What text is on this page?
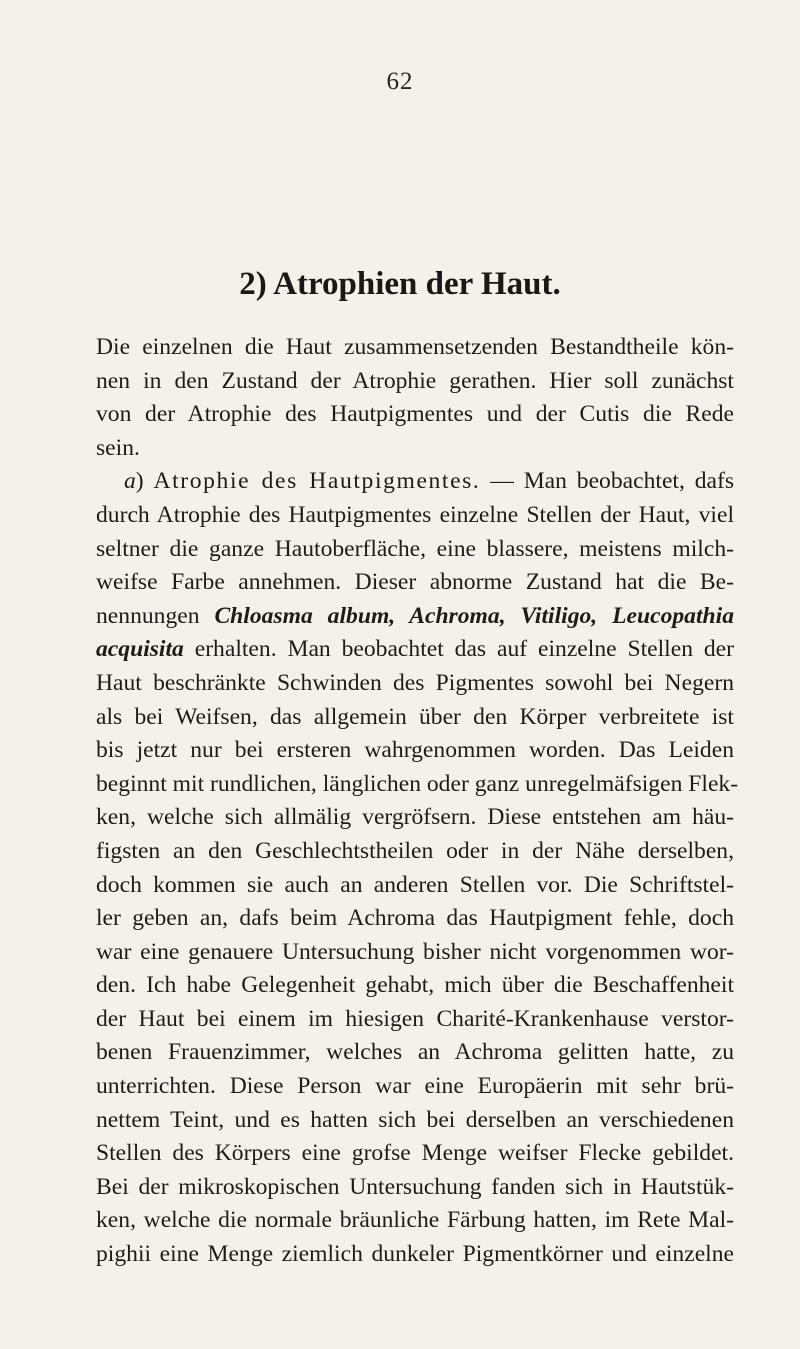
62
2) Atrophien der Haut.
Die einzelnen die Haut zusammensetzenden Bestandtheile kön-
nen in den Zustand der Atrophie gerathen. Hier soll zunächst
von der Atrophie des Hautpigmentes und der Cutis die Rede
sein.
a) Atrophie des Hautpigmentes. — Man beobachtet, dafs
durch Atrophie des Hautpigmentes einzelne Stellen der Haut, viel
seltner die ganze Hautoberfläche, eine blassere, meistens milch-
weifse Farbe annehmen. Dieser abnorme Zustand hat die Be-
nennungen Chloasma album, Achroma, Vitiligo, Leucopathia
acquisita erhalten. Man beobachtet das auf einzelne Stellen der
Haut beschränkte Schwinden des Pigmentes sowohl bei Negern
als bei Weifsen, das allgemein über den Körper verbreitete ist
bis jetzt nur bei ersteren wahrgenommen worden. Das Leiden
beginnt mit rundlichen, länglichen oder ganz unregelmäfsigen Flek-
ken, welche sich allmälig vergröfsern. Diese entstehen am häu-
figsten an den Geschlechtstheilen oder in der Nähe derselben,
doch kommen sie auch an anderen Stellen vor. Die Schriftstel-
ler geben an, dafs beim Achroma das Hautpigment fehle, doch
war eine genauere Untersuchung bisher nicht vorgenommen wor-
den. Ich habe Gelegenheit gehabt, mich über die Beschaffenheit
der Haut bei einem im hiesigen Charité-Krankenhause verstor-
benen Frauenzimmer, welches an Achroma gelitten hatte, zu
unterrichten. Diese Person war eine Europäerin mit sehr brü-
nettem Teint, und es hatten sich bei derselben an verschiedenen
Stellen des Körpers eine grofse Menge weifser Flecke gebildet.
Bei der mikroskopischen Untersuchung fanden sich in Hautstük-
ken, welche die normale bräunliche Färbung hatten, im Rete Mal-
pighii eine Menge ziemlich dunkeler Pigmentkörner und einzelne
